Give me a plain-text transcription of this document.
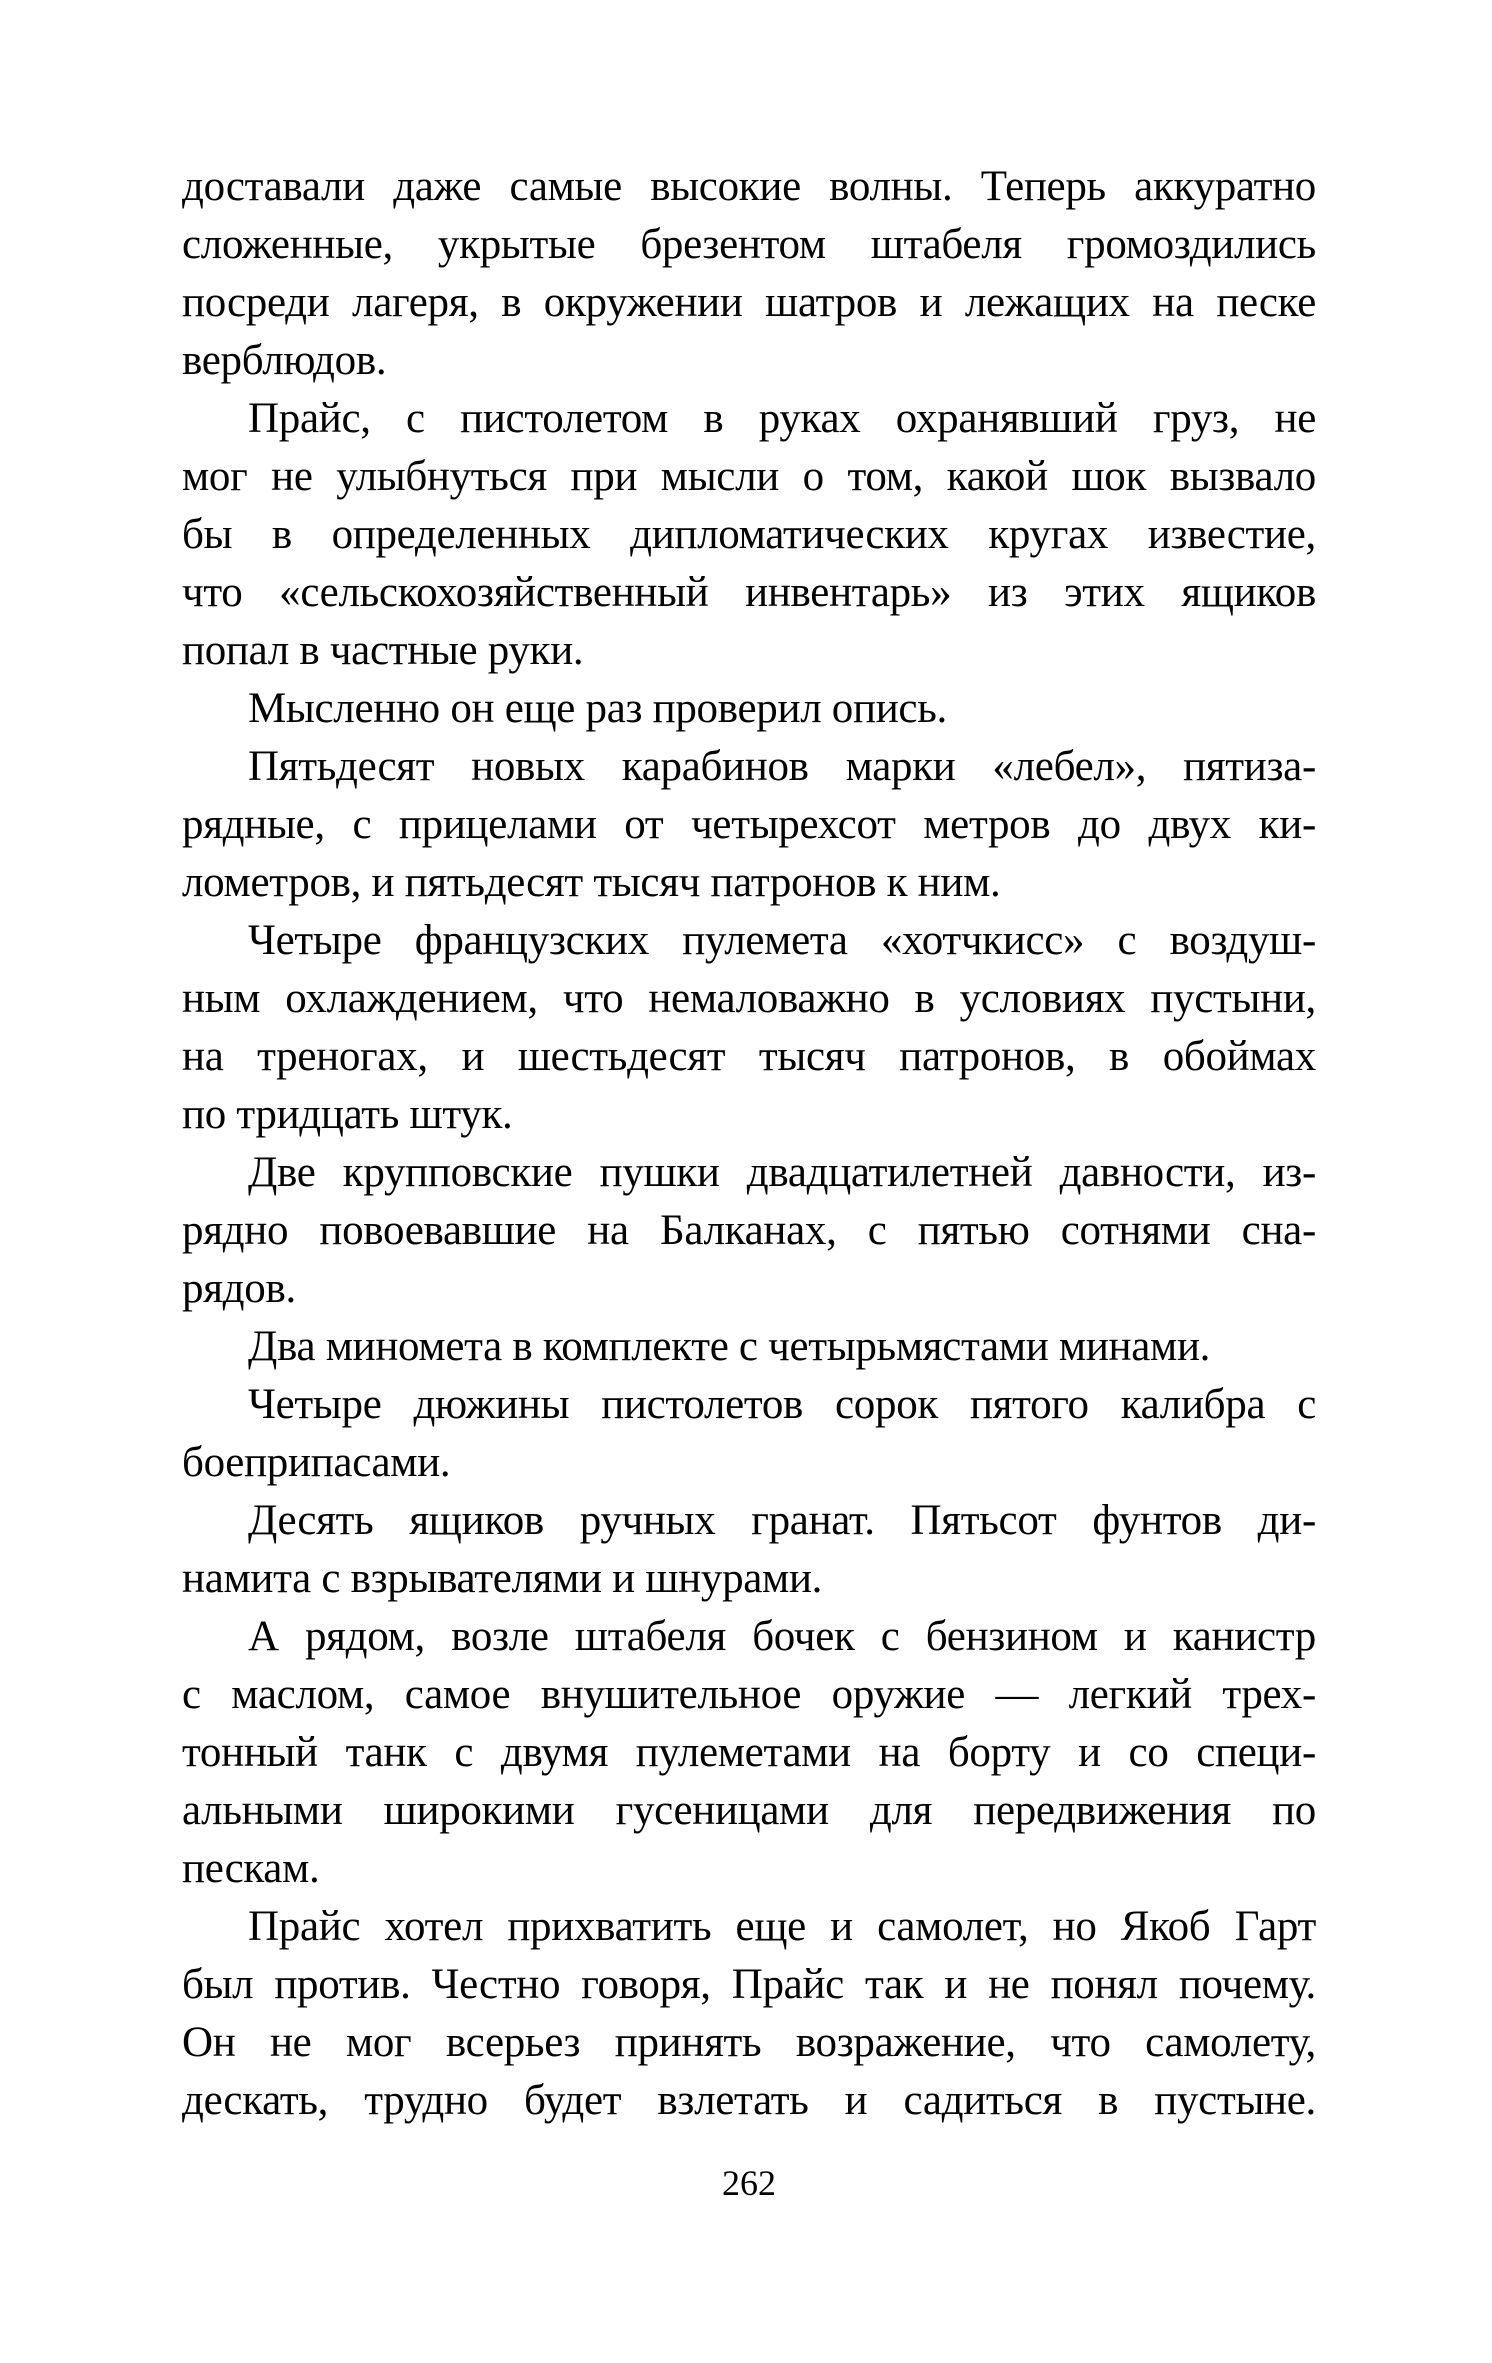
доставали даже самые высокие волны. Теперь аккуратно
сложенные, укрытые брезентом штабеля громоздились
посреди лагеря, в окружении шатров и лежащих на песке
верблюдов.
Прайс, с пистолетом в руках охранявший груз, не
мог не улыбнуться при мысли о том, какой шок вызвало
бы в определенных дипломатических кругах известие,
что «сельскохозяйственный инвентарь» из этих ящиков
попал в частные руки.
Мысленно он еще раз проверил опись.
Пятьдесят новых карабинов марки «лебел», пятиза-
рядные, с прицелами от четырехсот метров до двух ки-
лометров, и пятьдесят тысяч патронов к ним.
Четыре французских пулемета «хотчкисс» с воздуш-
ным охлаждением, что немаловажно в условиях пустыни,
на треногах, и шестьдесят тысяч патронов, в обоймах
по тридцать штук.
Две крупповские пушки двадцатилетней давности, из-
рядно повоевавшие на Балканах, с пятью сотнями сна-
рядов.
Два миномета в комплекте с четырьмястами минами.
Четыре дюжины пистолетов сорок пятого калибра с
боеприпасами.
Десять ящиков ручных гранат. Пятьсот фунтов ди-
намита с взрывателями и шнурами.
А рядом, возле штабеля бочек с бензином и канистр
с маслом, самое внушительное оружие — легкий трех-
тонный танк с двумя пулеметами на борту и со специ-
альными широкими гусеницами для передвижения по
пескам.
Прайс хотел прихватить еще и самолет, но Якоб Гарт
был против. Честно говоря, Прайс так и не понял почему.
Он не мог всерьез принять возражение, что самолету,
дескать, трудно будет взлетать и садиться в пустыне.
262
